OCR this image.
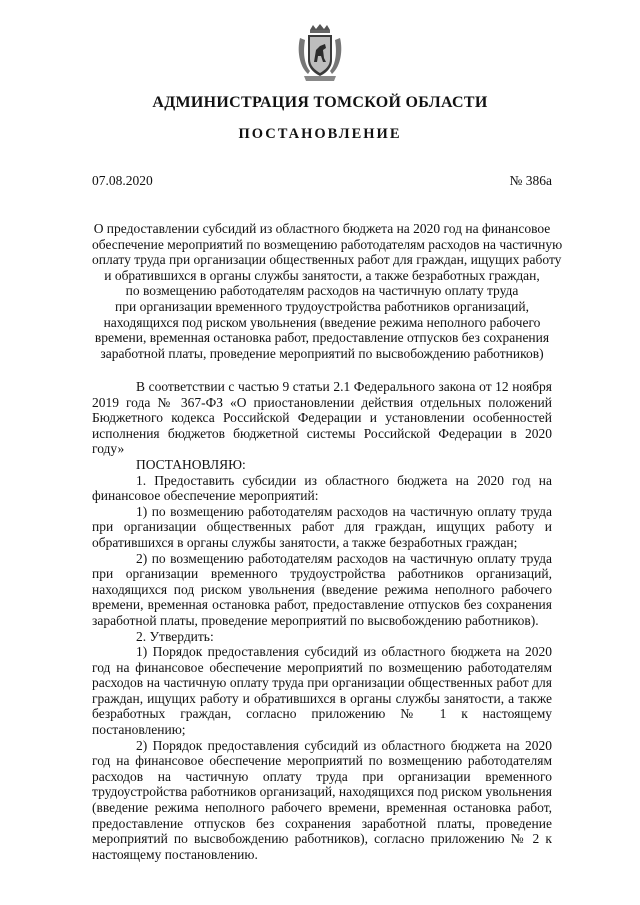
АДМИНИСТРАЦИЯ ТОМСКОЙ ОБЛАСТИ
ПОСТАНОВЛЕНИЕ
07.08.2020	№ 386а
О предоставлении субсидий из областного бюджета на 2020 год на финансовое
обеспечение мероприятий по возмещению работодателям расходов на частичную
оплату труда при организации общественных работ для граждан, ищущих работу
и обратившихся в органы службы занятости, а также безработных граждан,
по возмещению работодателям расходов на частичную оплату труда
при организации временного трудоустройства работников организаций,
находящихся под риском увольнения (введение режима неполного рабочего
времени, временная остановка работ, предоставление отпусков без сохранения
заработной платы, проведение мероприятий по высвобождению работников)

В соответствии с частью 9 статьи 2.1 Федерального закона от 12 ноября 2019 года № 367-ФЗ «О приостановлении действия отдельных положений Бюджетного кодекса Российской Федерации и установлении особенностей исполнения бюджетов бюджетной системы Российской Федерации в 2020 году»

ПОСТАНОВЛЯЮ:

1. Предоставить субсидии из областного бюджета на 2020 год на финансовое обеспечение мероприятий:

1) по возмещению работодателям расходов на частичную оплату труда при организации общественных работ для граждан, ищущих работу и обратившихся в органы службы занятости, а также безработных граждан;

2) по возмещению работодателям расходов на частичную оплату труда при организации временного трудоустройства работников организаций, находящихся под риском увольнения (введение режима неполного рабочего времени, временная остановка работ, предоставление отпусков без сохранения заработной платы, проведение мероприятий по высвобождению работников).

2. Утвердить:

1) Порядок предоставления субсидий из областного бюджета на 2020 год на финансовое обеспечение мероприятий по возмещению работодателям расходов на частичную оплату труда при организации общественных работ для граждан, ищущих работу и обратившихся в органы службы занятости, а также безработных граждан, согласно приложению № 1 к настоящему постановлению;

2) Порядок предоставления субсидий из областного бюджета на 2020 год на финансовое обеспечение мероприятий по возмещению работодателям расходов на частичную оплату труда при организации временного трудоустройства работников организаций, находящихся под риском увольнения (введение режима неполного рабочего времени, временная остановка работ, предоставление отпусков без сохранения заработной платы, проведение мероприятий по высвобождению работников), согласно приложению № 2 к настоящему постановлению.
